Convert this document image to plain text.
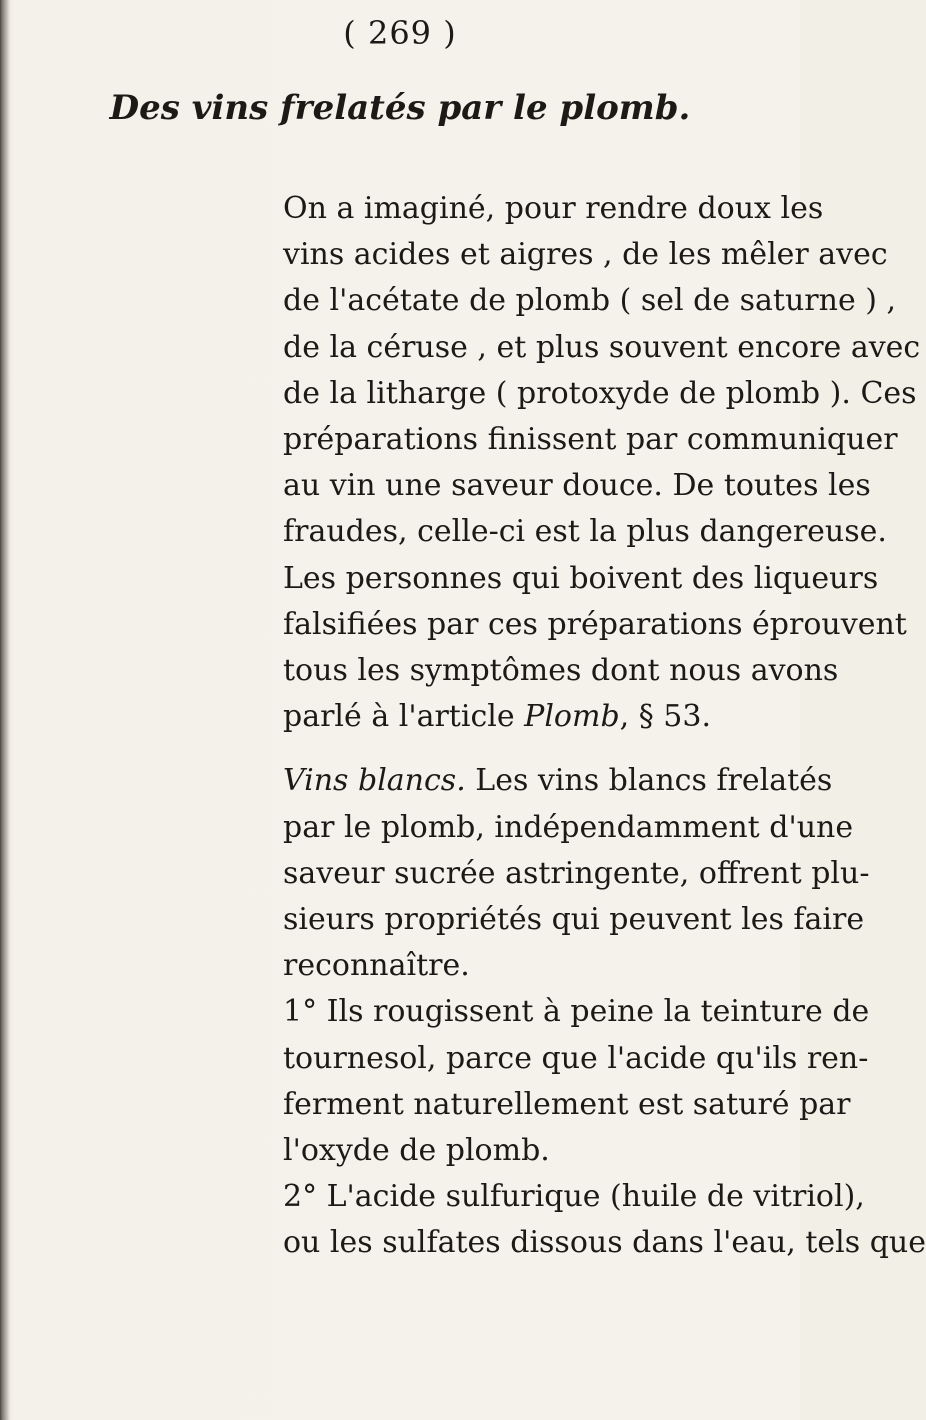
( 269 )
Des vins frelatés par le plomb.

On a imaginé, pour rendre doux les
vins acides et aigres , de les mêler avec
de l'acétate de plomb ( sel de saturne ) ,
de la céruse , et plus souvent encore avec
de la litharge ( protoxyde de plomb ). Ces
préparations finissent par communiquer
au vin une saveur douce. De toutes les
fraudes, celle-ci est la plus dangereuse.
Les personnes qui boivent des liqueurs
falsifiées par ces préparations éprouvent
tous les symptômes dont nous avons
parlé à l'article Plomb, § 53.

Vins blancs. Les vins blancs frelatés
par le plomb, indépendamment d'une
saveur sucrée astringente, offrent plu-
sieurs propriétés qui peuvent les faire
reconnaître.

1° Ils rougissent à peine la teinture de
tournesol, parce que l'acide qu'ils ren-
ferment naturellement est saturé par
l'oxyde de plomb.

2° L'acide sulfurique (huile de vitriol),
ou les sulfates dissous dans l'eau, tels que
